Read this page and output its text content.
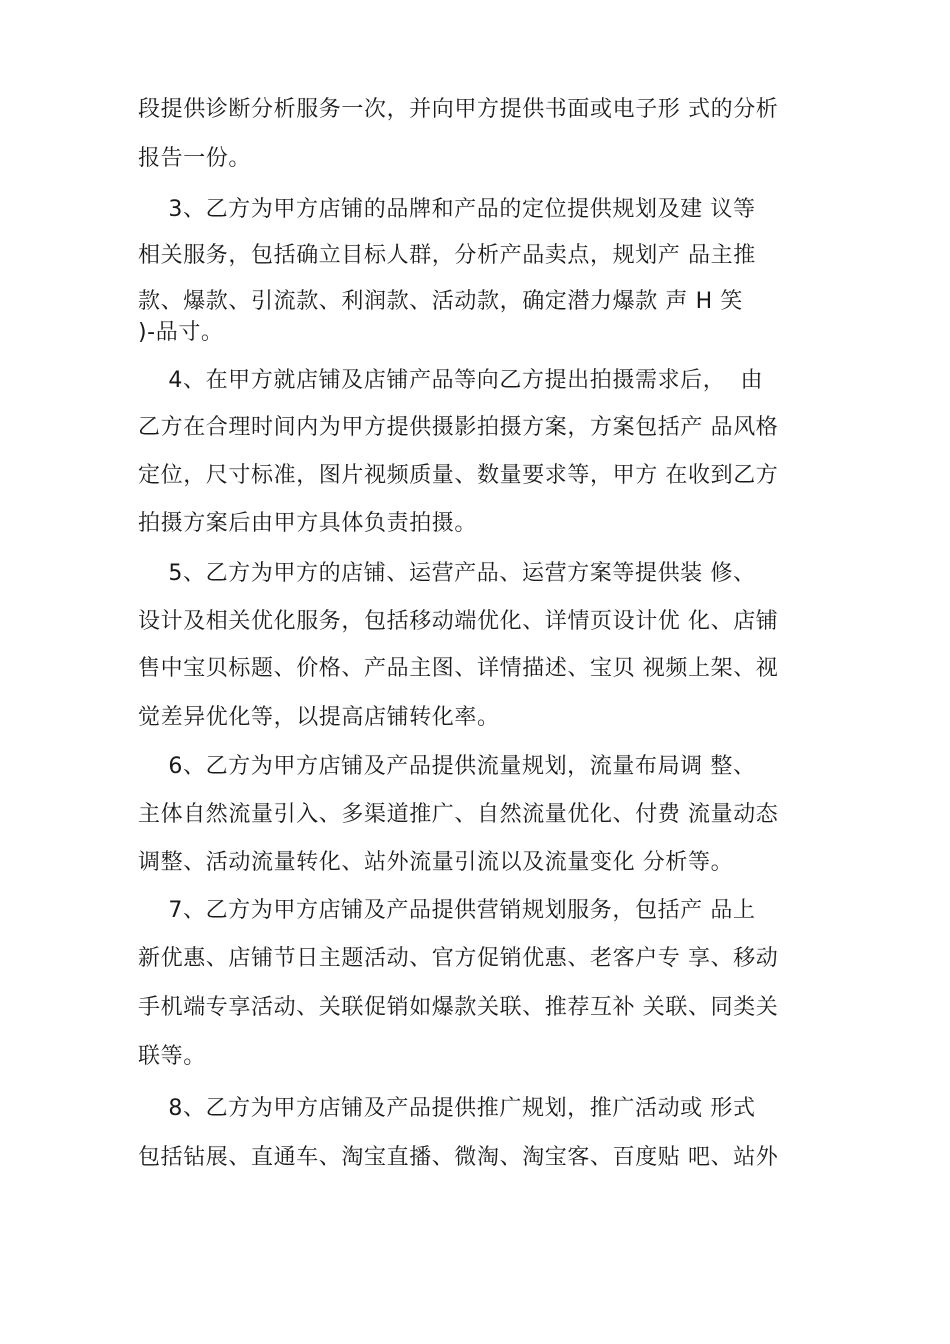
段提供诊断分析服务一次，并向甲方提供书面或电子形 式的分析
报告一份。
3、乙方为甲方店铺的品牌和产品的定位提供规划及建 议等
相关服务，包括确立目标人群，分析产品卖点，规划产 品主推
款、爆款、引流款、利润款、活动款，确定潜力爆款 声 H 笑
)-品寸。
4、在甲方就店铺及店铺产品等向乙方提出拍摄需求后，  由
乙方在合理时间内为甲方提供摄影拍摄方案，方案包括产 品风格
定位，尺寸标准，图片视频质量、数量要求等，甲方 在收到乙方
拍摄方案后由甲方具体负责拍摄。
5、乙方为甲方的店铺、运营产品、运营方案等提供装 修、
设计及相关优化服务，包括移动端优化、详情页设计优 化、店铺
售中宝贝标题、价格、产品主图、详情描述、宝贝 视频上架、视
觉差异优化等，以提高店铺转化率。
6、乙方为甲方店铺及产品提供流量规划，流量布局调 整、
主体自然流量引入、多渠道推广、自然流量优化、付费 流量动态
调整、活动流量转化、站外流量引流以及流量变化 分析等。
7、乙方为甲方店铺及产品提供营销规划服务，包括产 品上
新优惠、店铺节日主题活动、官方促销优惠、老客户专 享、移动
手机端专享活动、关联促销如爆款关联、推荐互补 关联、同类关
联等。
8、乙方为甲方店铺及产品提供推广规划，推广活动或 形式
包括钻展、直通车、淘宝直播、微淘、淘宝客、百度贴 吧、站外
